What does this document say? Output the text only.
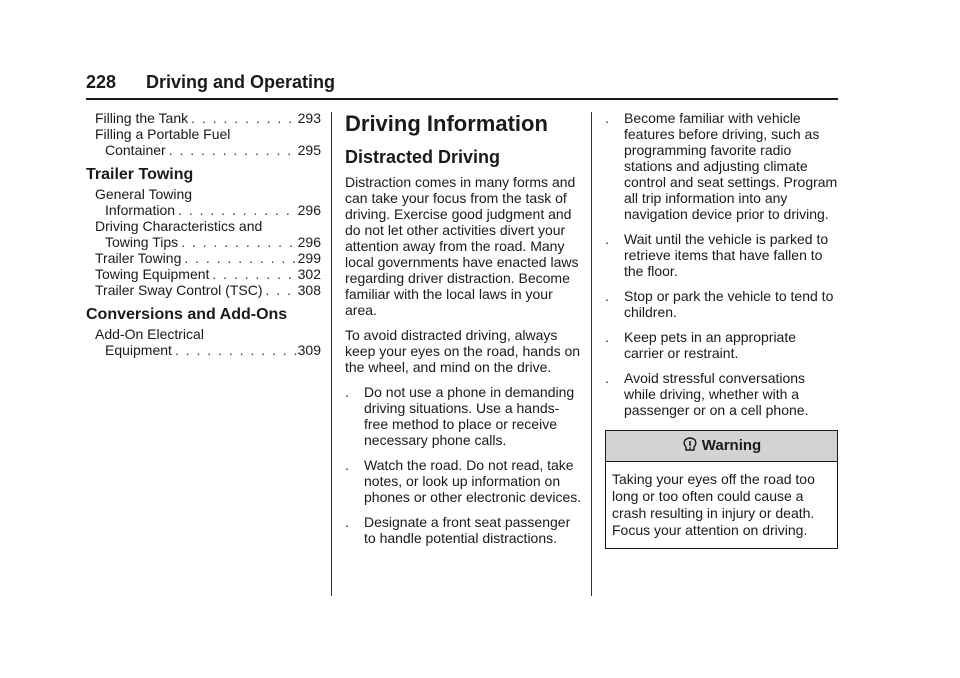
228 Driving and Operating
Filling the Tank . . .	293
Filling a Portable Fuel
Container . . .	295
Trailer Towing
General Towing
Information . . .	296
Driving Characteristics and
Towing Tips . . .	296
Trailer Towing . . .	299
Towing Equipment . . .	302
Trailer Sway Control (TSC) . . .	308
Conversions and Add-Ons
Add-On Electrical
Equipment . . .	309
Driving Information
Distracted Driving

Distraction comes in many forms and can take your focus from the task of driving. Exercise good judgment and do not let other activities divert your attention away from the road. Many local governments have enacted laws regarding driver distraction. Become familiar with the local laws in your area.

To avoid distracted driving, always keep your eyes on the road, hands on the wheel, and mind on the drive.

.	Do not use a phone in demanding driving situations. Use a hands-free method to place or receive necessary phone calls.
.	Watch the road. Do not read, take notes, or look up information on phones or other electronic devices.
.	Designate a front seat passenger to handle potential distractions.
.	Become familiar with vehicle features before driving, such as programming favorite radio stations and adjusting climate control and seat settings. Program all trip information into any navigation device prior to driving.
.	Wait until the vehicle is parked to retrieve items that have fallen to the floor.
.	Stop or park the vehicle to tend to children.
.	Keep pets in an appropriate carrier or restraint.
.	Avoid stressful conversations while driving, whether with a passenger or on a cell phone.
Warning
Taking your eyes off the road too long or too often could cause a crash resulting in injury or death. Focus your attention on driving.
